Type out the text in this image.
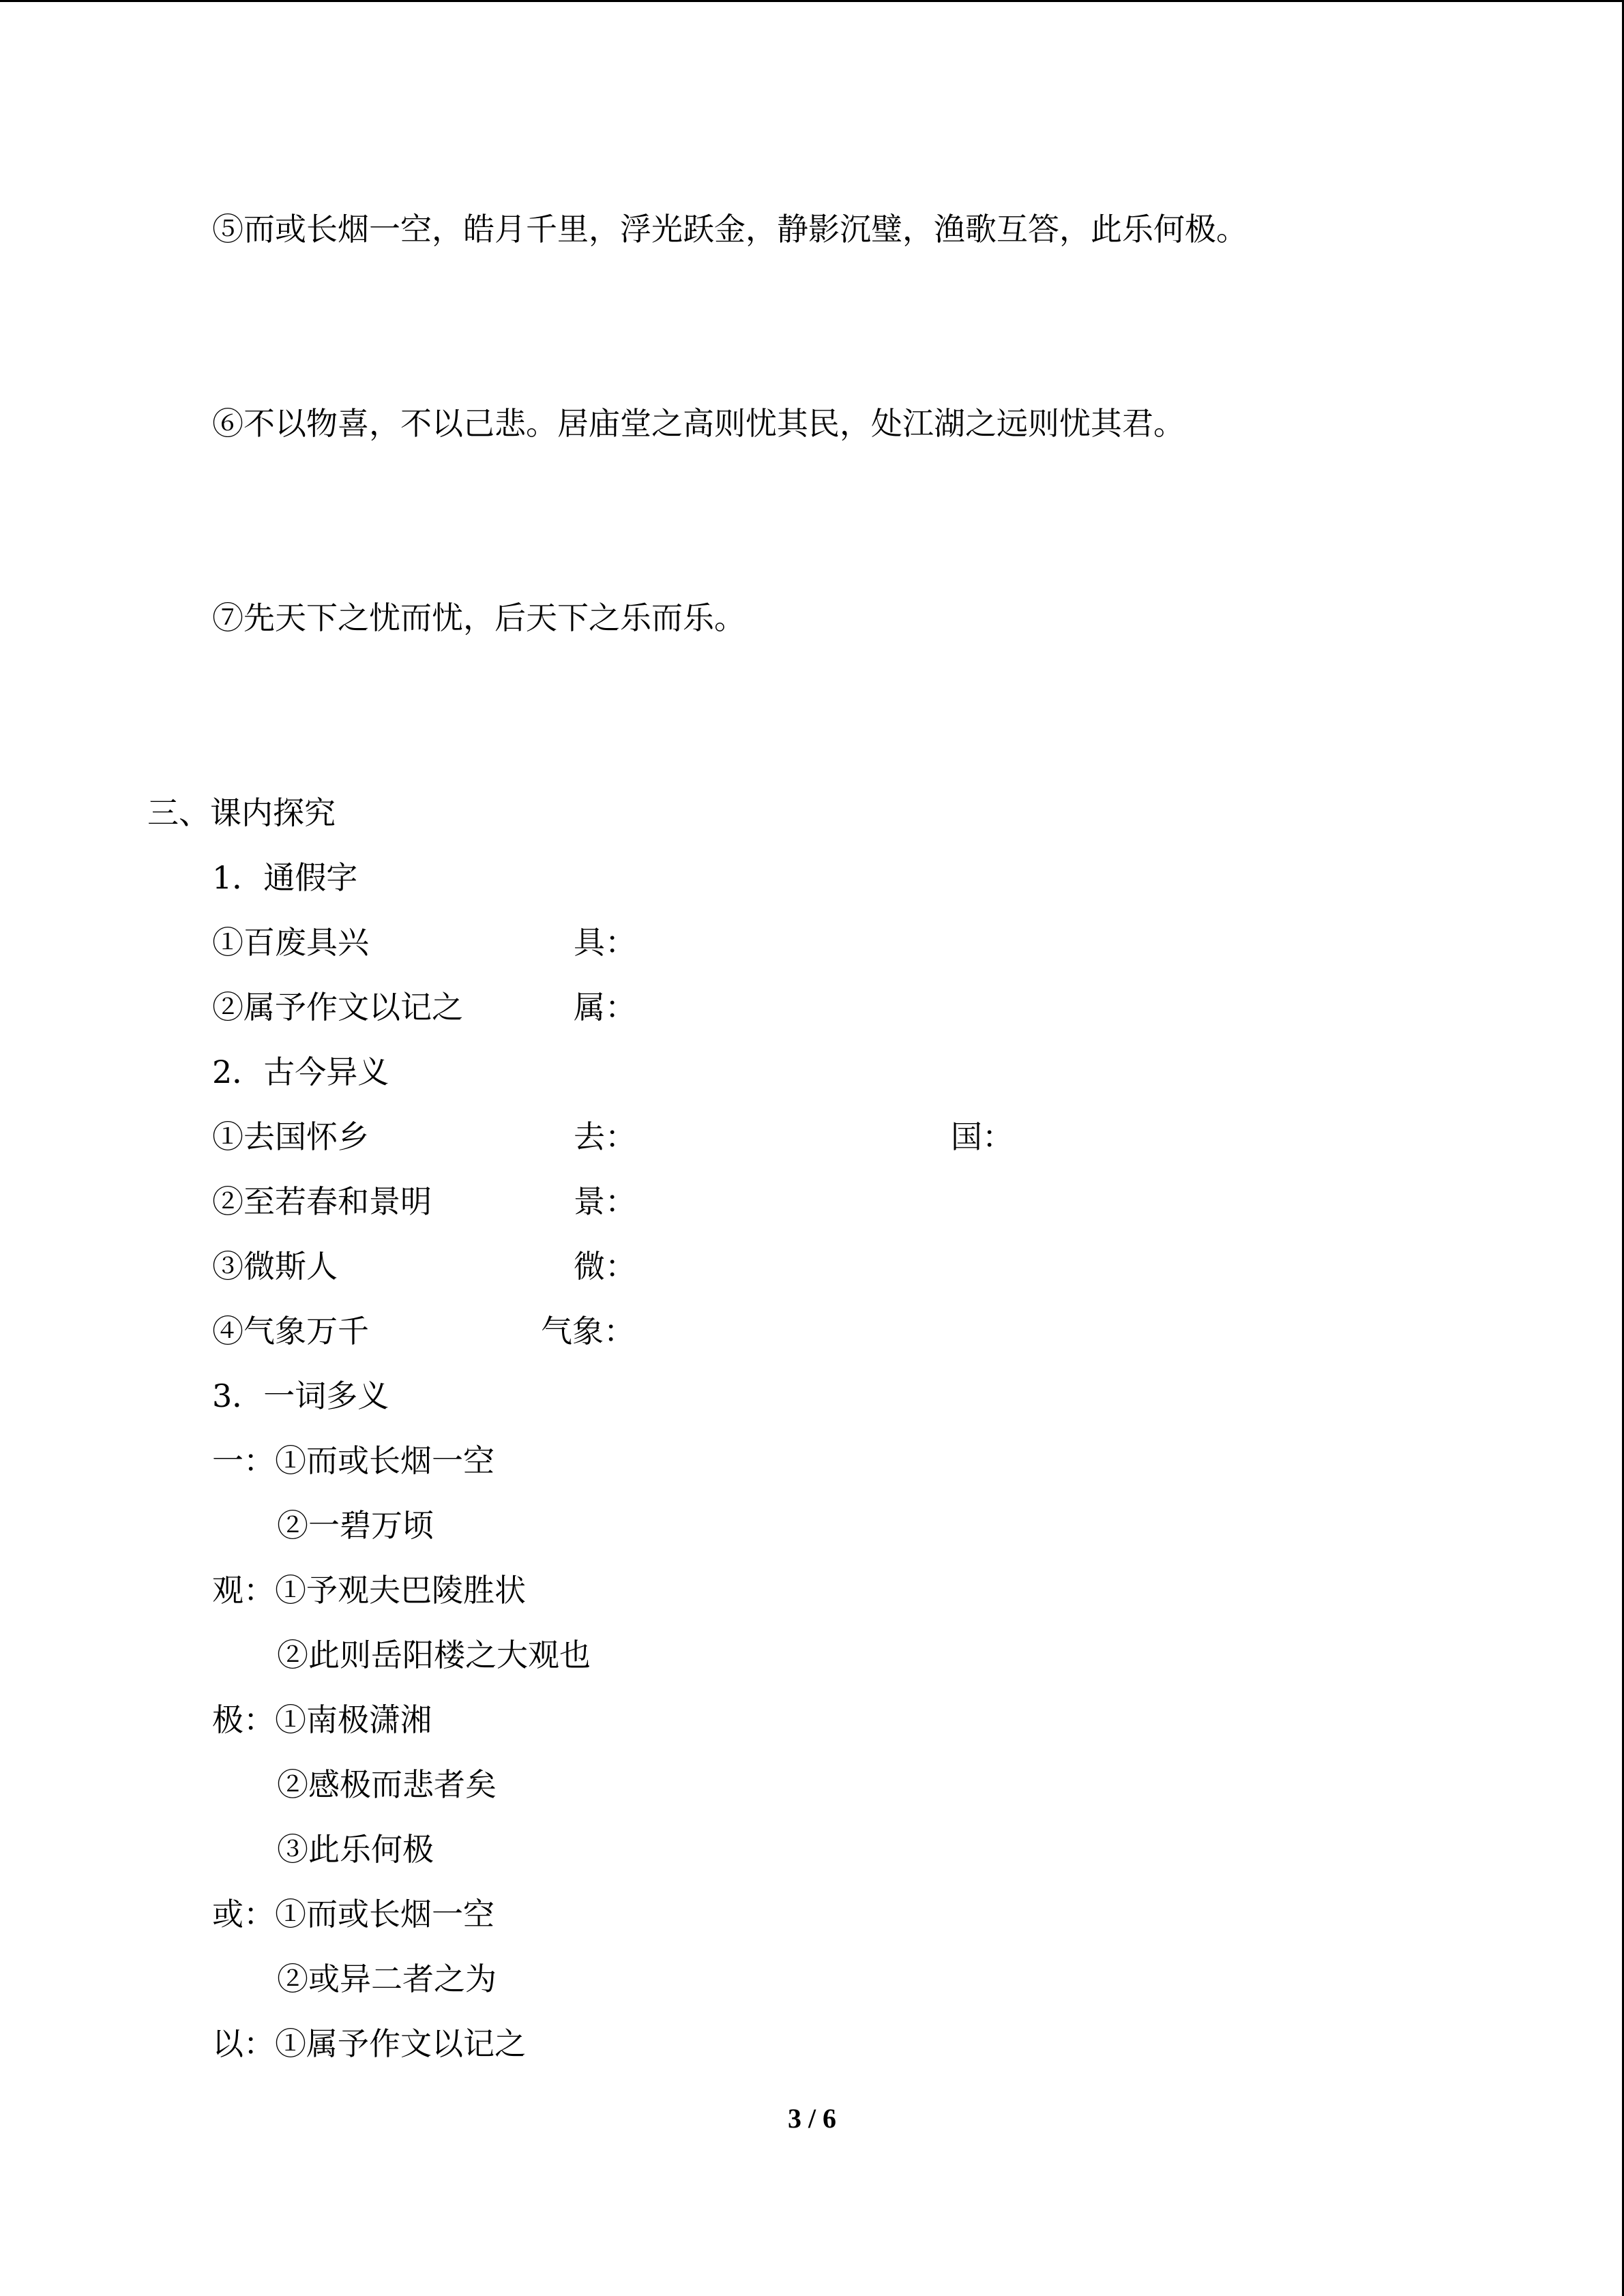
⑤而或长烟一空，皓月千里，浮光跃金，静影沉璧，渔歌互答，此乐何极。
⑥不以物喜，不以己悲。居庙堂之高则忧其民，处江湖之远则忧其君。
⑦先天下之忧而忧，后天下之乐而乐。
三、课内探究
1．通假字
①百废具兴	具：
②属予作文以记之	属：
2．古今异义
①去国怀乡	去：	国：
②至若春和景明	景：
③微斯人	微：
④气象万千	气象：
3．一词多义
一：①而或长烟一空
②一碧万顷
观：①予观夫巴陵胜状
②此则岳阳楼之大观也
极：①南极潇湘
②感极而悲者矣
③此乐何极
或：①而或长烟一空
②或异二者之为
以：①属予作文以记之
3 / 6
